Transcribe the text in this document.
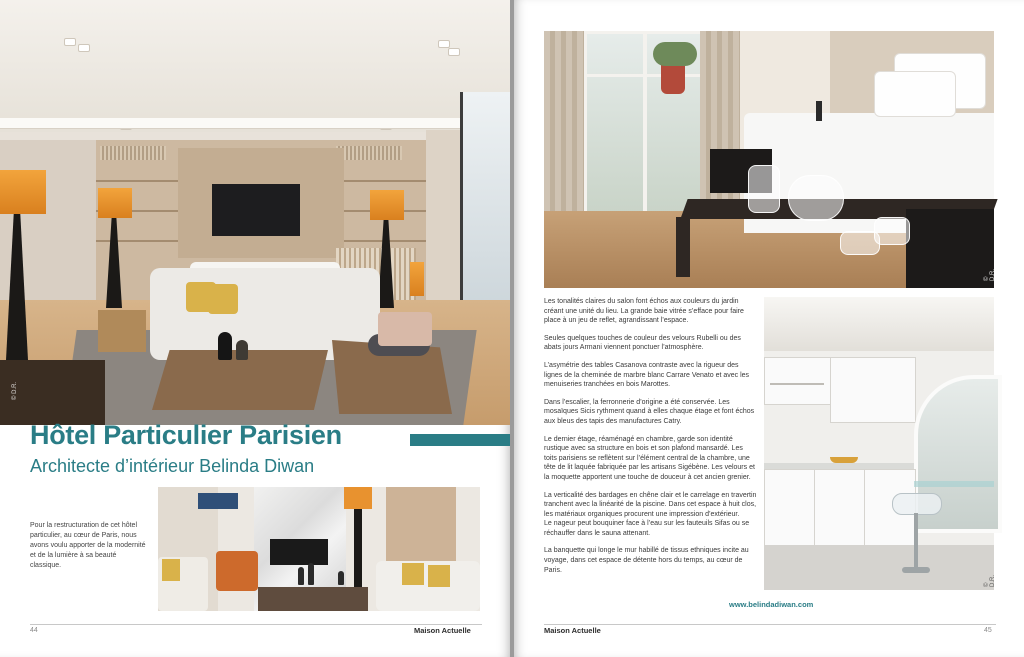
© D.R.
Hôtel Particulier Parisien
Architecte d’intérieur Belinda Diwan
Pour la restructuration de cet hôtel particulier, au cœur de Paris, nous avons voulu apporter de la modernité et de la lumière à sa beauté classique.
44	Maison Actuelle
© D.R.

Les tonalités claires du salon font échos aux couleurs du jardin créant une unité du lieu. La grande baie vitrée s’efface pour faire place à un jeu de reflet, agrandissant l’espace.

Seules quelques touches de couleur des velours Rubelli ou des abats jours Armani viennent ponctuer l’atmosphère.

L’asymétrie des tables Casanova contraste avec la rigueur des lignes de la cheminée de marbre blanc Carrare Venato et avec les menuiseries tranchées en bois Marottes.

Dans l’escalier, la ferronnerie d’origine a été conservée. Les mosaïques Sicis rythment quand à elles chaque étage et font échos aux bleus des tapis des manufactures Catry.

Le dernier étage, réaménagé en chambre, garde son identité rustique avec sa structure en bois et son plafond mansardé. Les toits parisiens se reflètent sur l’élément central de la chambre, une tête de lit laquée fabriquée par les artisans Sigébène. Les velours et la moquette apportent une touche de douceur à cet ancien grenier.

La verticalité des bardages en chêne clair et le carrelage en travertin tranchent avec la linéarité de la piscine. Dans cet espace à huit clos, les matériaux organiques procurent une impression d’extérieur.
Le nageur peut bouquiner face à l’eau sur les fauteuils Sifas ou se réchauffer dans le sauna attenant.

La banquette qui longe le mur habillé de tissus ethniques incite au voyage, dans cet espace de détente hors du temps, au cœur de Paris.

© D.R.
www.belindadiwan.com
Maison Actuelle	45
